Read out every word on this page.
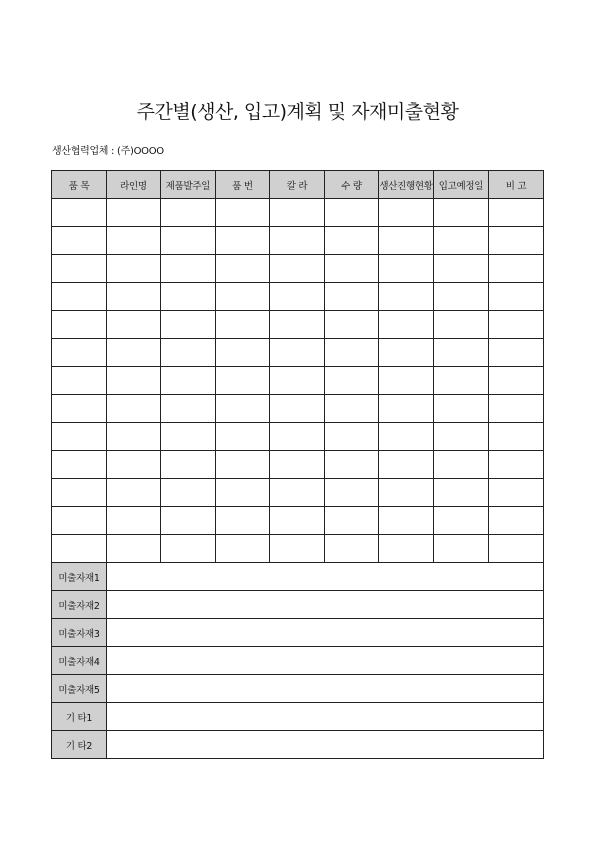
주간별(생산, 입고)계획 및 자재미출현황
생산협력업체 : (주)OOOO
품 목	라인명	제품발주일	품 번	칼 라	수 량	생산진행현황	입고예정일	비 고

미출자재1								
미출자재2								
미출자재3								
미출자재4								
미출자재5								
기 타1								
기 타2								
